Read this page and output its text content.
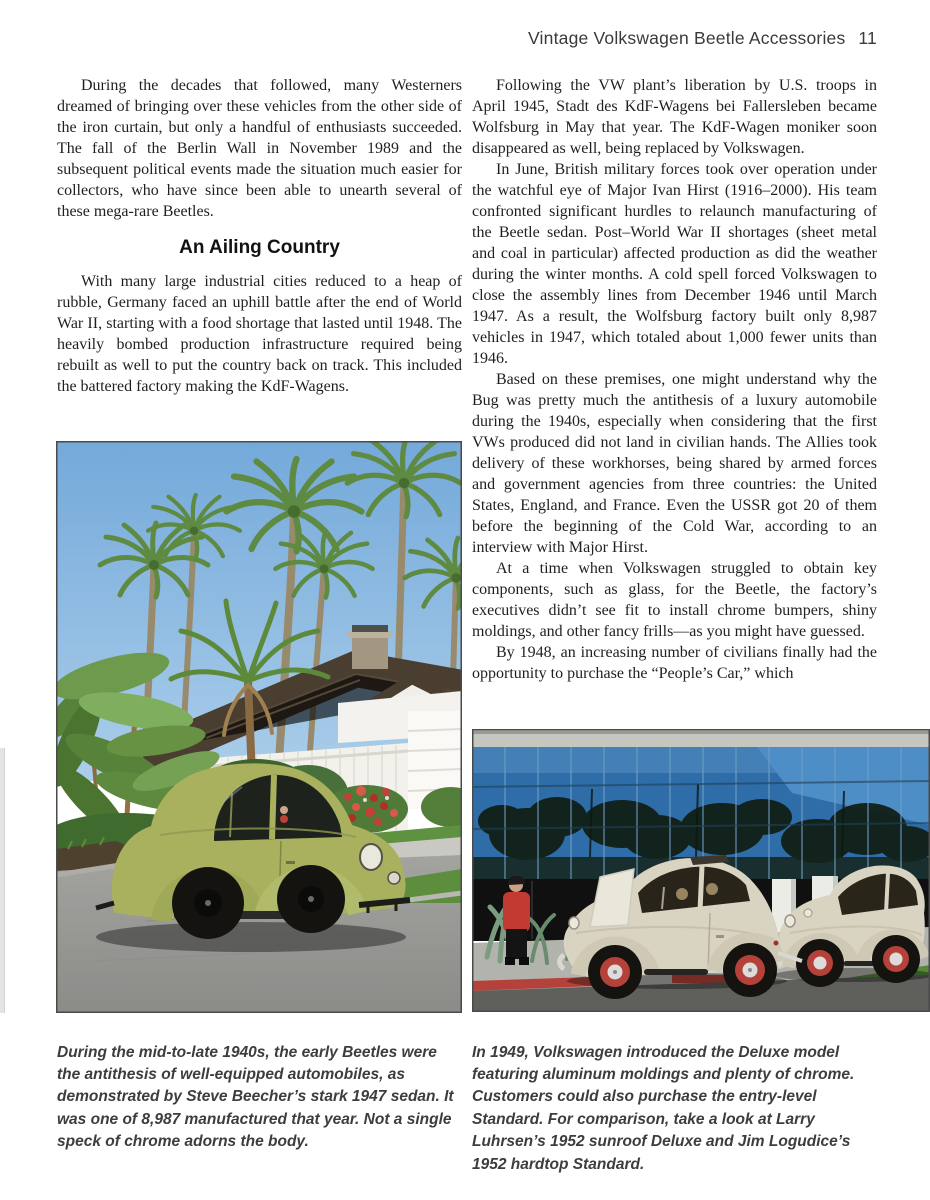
Vintage Volkswagen Beetle Accessories 11

During the decades that followed, many Westerners dreamed of bringing over these vehicles from the other side of the iron curtain, but only a handful of enthusiasts succeeded. The fall of the Berlin Wall in November 1989 and the subsequent political events made the situation much easier for collectors, who have since been able to unearth several of these mega-rare Beetles.

An Ailing Country

With many large industrial cities reduced to a heap of rubble, Germany faced an uphill battle after the end of World War II, starting with a food shortage that lasted until 1948. The heavily bombed production infrastructure required being rebuilt as well to put the country back on track. This included the battered factory making the KdF-Wagens.

Following the VW plant’s liberation by U.S. troops in April 1945, Stadt des KdF-Wagens bei Fallersleben became Wolfsburg in May that year. The KdF-Wagen moniker soon disappeared as well, being replaced by Volkswagen.

In June, British military forces took over operation under the watchful eye of Major Ivan Hirst (1916–2000). His team confronted significant hurdles to relaunch manufacturing of the Beetle sedan. Post–World War II shortages (sheet metal and coal in particular) affected production as did the weather during the winter months. A cold spell forced Volkswagen to close the assembly lines from December 1946 until March 1947. As a result, the Wolfsburg factory built only 8,987 vehicles in 1947, which totaled about 1,000 fewer units than 1946.

Based on these premises, one might understand why the Bug was pretty much the antithesis of a luxury automobile during the 1940s, especially when considering that the first VWs produced did not land in civilian hands. The Allies took delivery of these workhorses, being shared by armed forces and government agencies from three countries: the United States, England, and France. Even the USSR got 20 of them before the beginning of the Cold War, according to an interview with Major Hirst.

At a time when Volkswagen struggled to obtain key components, such as glass, for the Beetle, the factory’s executives didn’t see fit to install chrome bumpers, shiny moldings, and other fancy frills—as you might have guessed.

By 1948, an increasing number of civilians finally had the opportunity to purchase the “People’s Car,” which

During the mid-to-late 1940s, the early Beetles were the antithesis of well-equipped automobiles, as demonstrated by Steve Beecher’s stark 1947 sedan. It was one of 8,987 manufactured that year. Not a single speck of chrome adorns the body.

In 1949, Volkswagen introduced the Deluxe model featuring aluminum moldings and plenty of chrome. Customers could also purchase the entry-level Standard. For comparison, take a look at Larry Luhrsen’s 1952 sunroof Deluxe and Jim Logudice’s 1952 hardtop Standard.
